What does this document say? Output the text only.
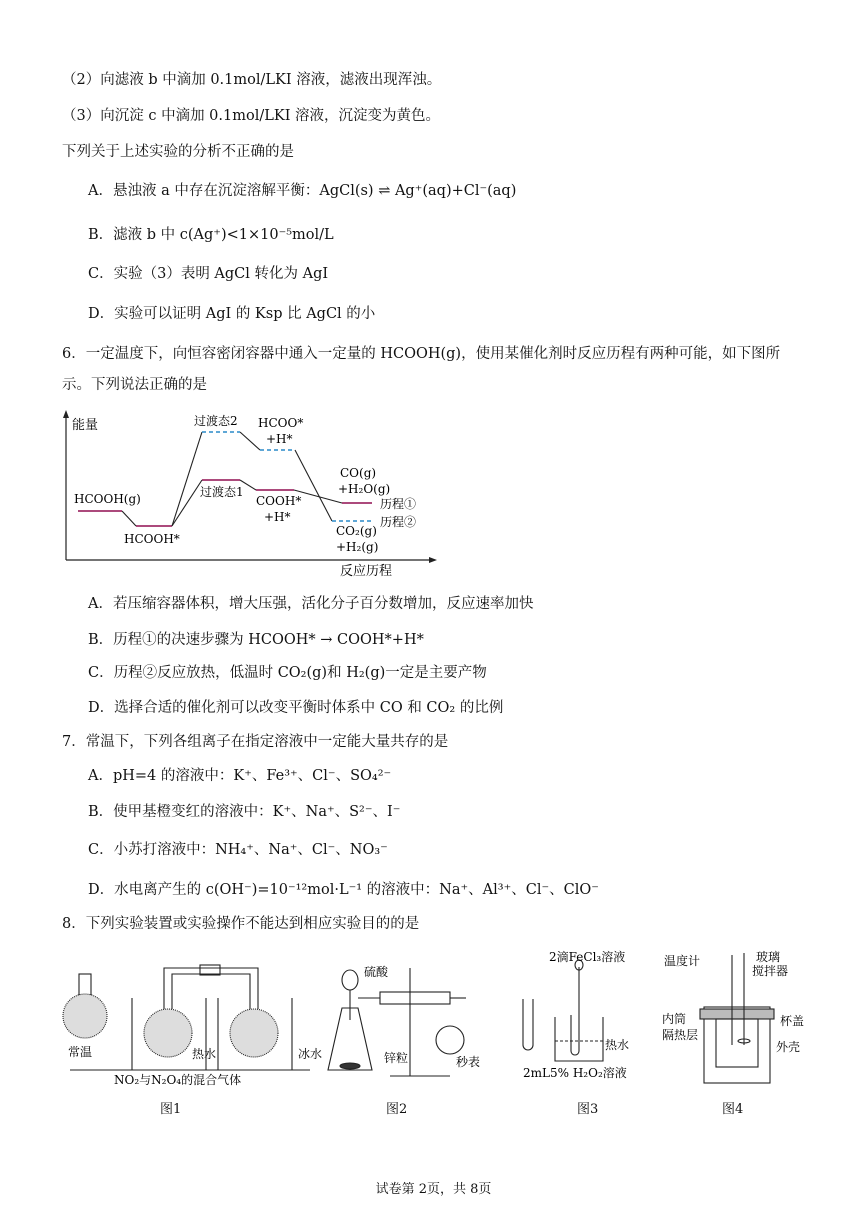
（2）向滤液 b 中滴加 0.1mol/LKI 溶液，滤液出现浑浊。
（3）向沉淀 c 中滴加 0.1mol/LKI 溶液，沉淀变为黄色。
下列关于上述实验的分析不正确的是
A．悬浊液 a 中存在沉淀溶解平衡：AgCl(s) ⇌ Ag⁺(aq)+Cl⁻(aq)
B．滤液 b 中 c(Ag⁺)<1×10⁻⁵mol/L
C．实验（3）表明 AgCl 转化为 AgI
D．实验可以证明 AgI 的 Ksp 比 AgCl 的小
6．一定温度下，向恒容密闭容器中通入一定量的 HCOOH(g)，使用某催化剂时反应历程有两种可能，如下图所
示。下列说法正确的是
能量
反应历程
HCOOH(g)
HCOOH*
过渡态2 HCOO*
+H*
过渡态1
COOH*
+H*
CO(g)
+H₂O(g)
CO₂(g)
+H₂(g)
历程①
历程②
A．若压缩容器体积，增大压强，活化分子百分数增加，反应速率加快
B．历程①的决速步骤为 HCOOH* → COOH*+H*
C．历程②反应放热，低温时 CO₂(g)和 H₂(g)一定是主要产物
D．选择合适的催化剂可以改变平衡时体系中 CO 和 CO₂ 的比例
7．常温下，下列各组离子在指定溶液中一定能大量共存的是
A．pH=4 的溶液中：K⁺、Fe³⁺、Cl⁻、SO₄²⁻
B．使甲基橙变红的溶液中：K⁺、Na⁺、S²⁻、I⁻
C．小苏打溶液中：NH₄⁺、Na⁺、Cl⁻、NO₃⁻
D．水电离产生的 c(OH⁻)=10⁻¹²mol·L⁻¹ 的溶液中：Na⁺、Al³⁺、Cl⁻、ClO⁻
8．下列实验装置或实验操作不能达到相应实验目的的是
常温	热水	冰水
NO₂与N₂O₄的混合气体
图1
硫酸
锌粒	秒表
图2
2滴FeCl₃溶液
热水
2mL5% H₂O₂溶液
图3
温度计	玻璃
搅拌器
内筒
隔热层
杯盖
外壳
图4
试卷第 2页，共 8页
